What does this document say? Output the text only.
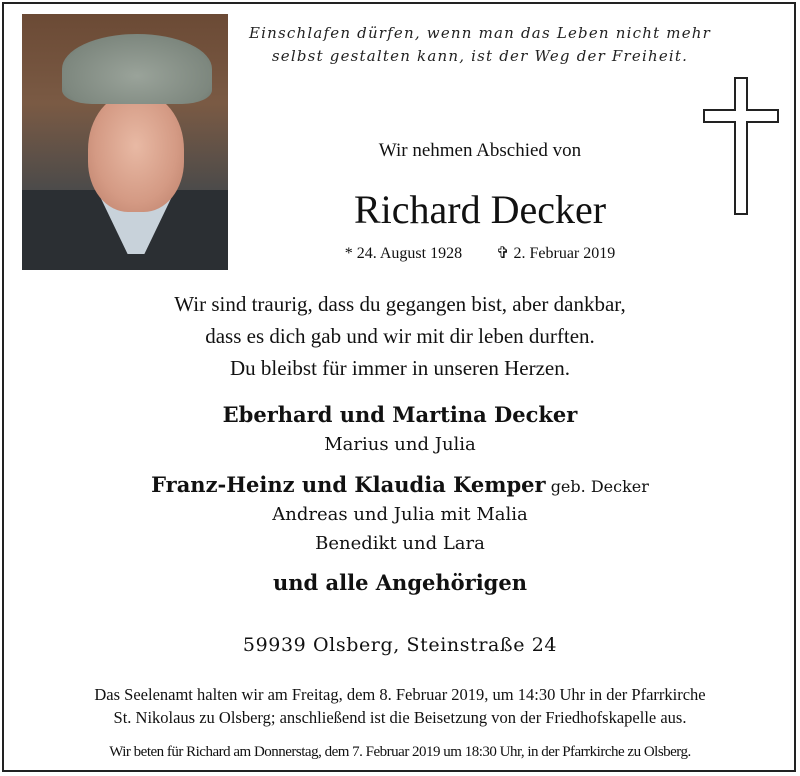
Einschlafen dürfen, wenn man das Leben nicht mehr
selbst gestalten kann, ist der Weg der Freiheit.
Wir nehmen Abschied von
Richard Decker
* 24. August 1928 ✞ 2. Februar 2019
Wir sind traurig, dass du gegangen bist, aber dankbar,
dass es dich gab und wir mit dir leben durften.
Du bleibst für immer in unseren Herzen.
Eberhard und Martina Decker
Marius und Julia
Franz-Heinz und Klaudia Kemper geb. Decker
Andreas und Julia mit Malia
Benedikt und Lara
und alle Angehörigen
59939 Olsberg, Steinstraße 24
Das Seelenamt halten wir am Freitag, dem 8. Februar 2019, um 14:30 Uhr in der Pfarrkirche
St. Nikolaus zu Olsberg; anschließend ist die Beisetzung von der Friedhofskapelle aus.
Wir beten für Richard am Donnerstag, dem 7. Februar 2019 um 18:30 Uhr, in der Pfarrkirche zu Olsberg.
